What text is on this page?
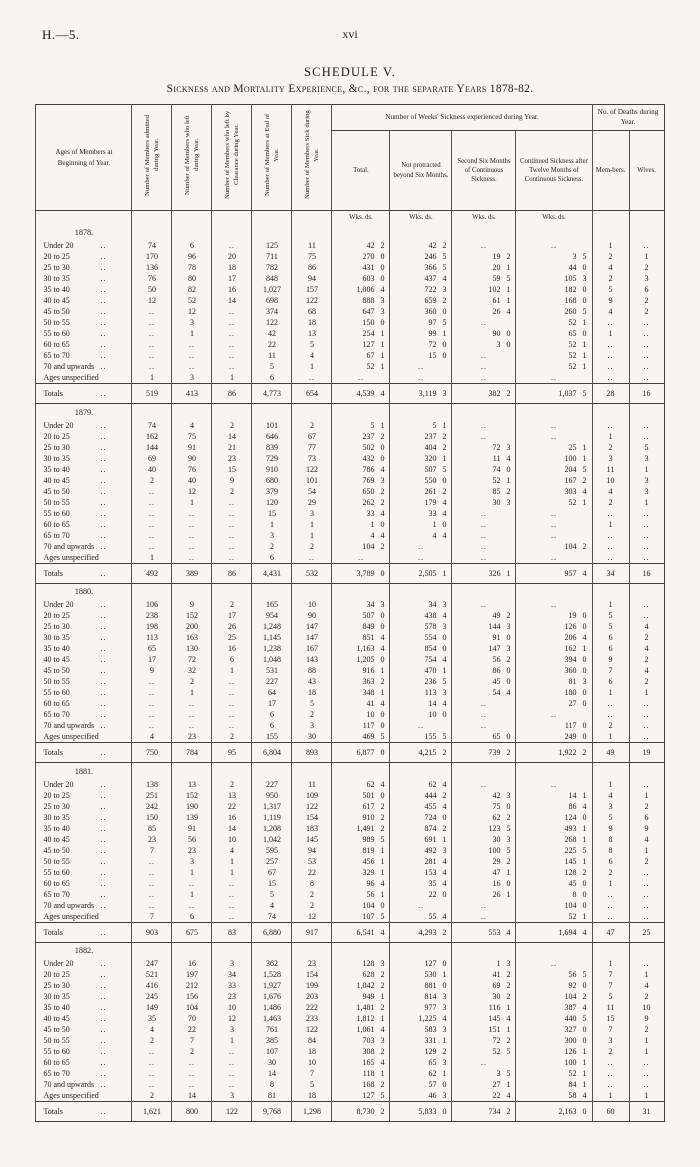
H.—5.	xvi
SCHEDULE V.
Sickness and Mortality Experience, &c., for the separate Years 1878-82.
Ages of Members at Beginning of Year.	Number of Members admitted during Year.	Number of Members who left during Year.	Number of Members who left by Clearance during Year.	Number of Members at End of Year.	Number of Members Sick during Year.	Number of Weeks' Sickness experienced during Year.				No. of Deaths during Year.	
						Total.	Not protracted beyond Six Months.	Second Six Months of Continuous Sickness.	Continued Sickness after Twelve Months of Continuous Sickness.	Mem-bers.	Wives.
						Wks. ds.	Wks. ds.	Wks. ds.	Wks. ds.		
1878.											
Under 20 ..	74	6	..	125	11	42 2	42 2	..	..	1	..
20 to 25 ..	170	96	20	711	75	270 0	246 5	19 2	3 5	2	1
25 to 30 ..	136	78	18	782	86	431 0	366 5	20 1	44 0	4	2
30 to 35 ..	76	80	17	848	94	603 0	437 4	59 5	105 3	2	3
35 to 40 ..	50	82	16	1,027	157	1,006 4	722 3	102 1	182 0	5	6
40 to 45 ..	12	52	14	698	122	888 3	659 2	61 1	168 0	9	2
45 to 50 ..	..	12	..	374	68	647 3	360 0	26 4	260 5	4	2
50 to 55 ..	..	3	..	122	18	150 0	97 5	..	52 1	..	..
55 to 60 ..	..	1	..	42	13	254 1	99 1	90 0	65 0	1	..
60 to 65 ..	..	..	..	22	5	127 1	72 0	3 0	52 1	..	..
65 to 70 ..	..	..	..	11	4	67 1	15 0	..	52 1	..	..
70 and upwards ..	..	..	..	5	1	52 1	..	..	52 1	..	..
Ages unspecified	1	3	1	6	..	..	..	..	..	..	..
Totals ..	519	413	86	4,773	654	4,539 4	3,119 3	382 2	1,037 5	28	16
1879.											
Under 20 ..	74	4	2	101	2	5 1	5 1	..	..	..	..
20 to 25 ..	162	75	14	646	67	237 2	237 2	..	..	1	..
25 to 30 ..	144	91	21	839	77	502 0	404 2	72 3	25 1	2	5
30 to 35 ..	69	90	23	729	73	432 0	320 1	11 4	100 1	3	3
35 to 40 ..	40	76	15	910	122	786 4	507 5	74 0	204 5	11	1
40 to 45 ..	2	40	9	680	101	769 3	550 0	52 1	167 2	10	3
45 to 50 ..	..	12	2	379	54	650 2	261 2	85 2	303 4	4	3
50 to 55 ..	..	1	..	120	29	262 2	179 4	30 3	52 1	2	1
55 to 60 ..	..	..	..	15	3	33 4	33 4	..	..	..	..
60 to 65 ..	..	..	..	1	1	1 0	1 0	..	..	1	..
65 to 70 ..	..	..	..	3	1	4 4	4 4	..	..	..	..
70 and upwards ..	..	..	..	2	2	104 2	..	..	104 2	..	..
Ages unspecified	1	..	..	6	..	..	..	..	..	..	..
Totals ..	492	389	86	4,431	532	3,789 0	2,505 1	326 1	957 4	34	16
1880.											
Under 20 ..	106	9	2	165	10	34 3	34 3	..	..	1	..
20 to 25 ..	238	152	17	954	90	507 0	438 4	49 2	19 0	5	..
25 to 30 ..	198	200	26	1,248	147	849 0	578 3	144 3	126 0	5	4
30 to 35 ..	113	163	25	1,145	147	851 4	554 0	91 0	206 4	6	2
35 to 40 ..	65	130	16	1,238	167	1,163 4	854 0	147 3	162 1	6	4
40 to 45 ..	17	72	6	1,048	143	1,205 0	754 4	56 2	394 0	9	2
45 to 50 ..	9	32	1	531	88	916 1	470 1	86 0	360 0	7	4
50 to 55 ..	..	2	..	227	43	363 2	236 5	45 0	81 3	6	2
55 to 60 ..	..	1	..	64	18	348 1	113 3	54 4	180 0	1	1
60 to 65 ..	..	..	..	17	5	41 4	14 4	..	27 0	..	..
65 to 70 ..	..	..	..	6	2	10 0	10 0	..	..	..	..
70 and upwards ..	..	..	..	6	3	117 0	..	..	117 0	2	..
Ages unspecified	4	23	2	155	30	469 5	155 5	65 0	249 0	1	..
Totals ..	750	784	95	6,804	893	6,877 0	4,215 2	739 2	1,922 2	49	19
1881.											
Under 20 ..	138	13	2	227	11	62 4	62 4	..	..	1	..
20 to 25 ..	251	152	13	950	109	501 0	444 2	42 3	14 1	4	1
25 to 30 ..	242	190	22	1,317	122	617 2	455 4	75 0	86 4	3	2
30 to 35 ..	150	139	16	1,119	154	910 2	724 0	62 2	124 0	5	6
35 to 40 ..	85	91	14	1,208	183	1,491 2	874 2	123 5	493 1	9	9
40 to 45 ..	23	56	10	1,042	145	989 5	691 1	30 3	268 1	8	4
45 to 50 ..	7	23	4	595	94	819 1	492 3	100 5	225 5	8	1
50 to 55 ..	..	3	1	257	53	456 1	281 4	29 2	145 1	6	2
55 to 60 ..	..	1	1	67	22	329 1	153 4	47 1	128 2	2	..
60 to 65 ..	..	..	..	15	8	96 4	35 4	16 0	45 0	1	..
65 to 70 ..	..	1	..	5	2	56 1	22 0	26 1	8 0	..	..
70 and upwards ..	..	..	..	4	2	104 0	..	..	104 0	..	..
Ages unspecified	7	6	..	74	12	107 5	55 4	..	52 1	..	..
Totals ..	903	675	83	6,880	917	6,541 4	4,293 2	553 4	1,694 4	47	25
1882.											
Under 20 ..	247	16	3	362	23	128 3	127 0	1 3	..	1	..
20 to 25 ..	521	197	34	1,528	154	628 2	530 1	41 2	56 5	7	1
25 to 30 ..	416	212	33	1,927	199	1,042 2	881 0	69 2	92 0	7	4
30 to 35 ..	245	156	23	1,676	203	949 1	814 3	30 2	104 2	5	2
35 to 40 ..	149	104	10	1,486	222	1,481 2	977 3	116 1	387 4	11	10
40 to 45 ..	35	70	12	1,463	233	1,812 1	1,225 4	145 4	440 5	15	9
45 to 50 ..	4	22	3	761	122	1,061 4	583 3	151 1	327 0	7	2
50 to 55 ..	2	7	1	385	84	703 3	331 1	72 2	300 0	3	1
55 to 60 ..	..	2	..	107	18	308 2	129 2	52 5	126 1	2	1
60 to 65 ..	..	..	..	30	10	165 4	65 3	..	100 1	..	..
65 to 70 ..	..	..	..	14	7	118 1	62 1	3 5	52 1	..	..
70 and upwards ..	..	..	..	8	5	168 2	57 0	27 1	84 1	..	..
Ages unspecified	2	14	3	81	18	127 5	46 3	22 4	58 4	1	1
Totals ..	1,621	800	122	9,768	1,298	8,730 2	5,833 0	734 2	2,163 0	60	31
